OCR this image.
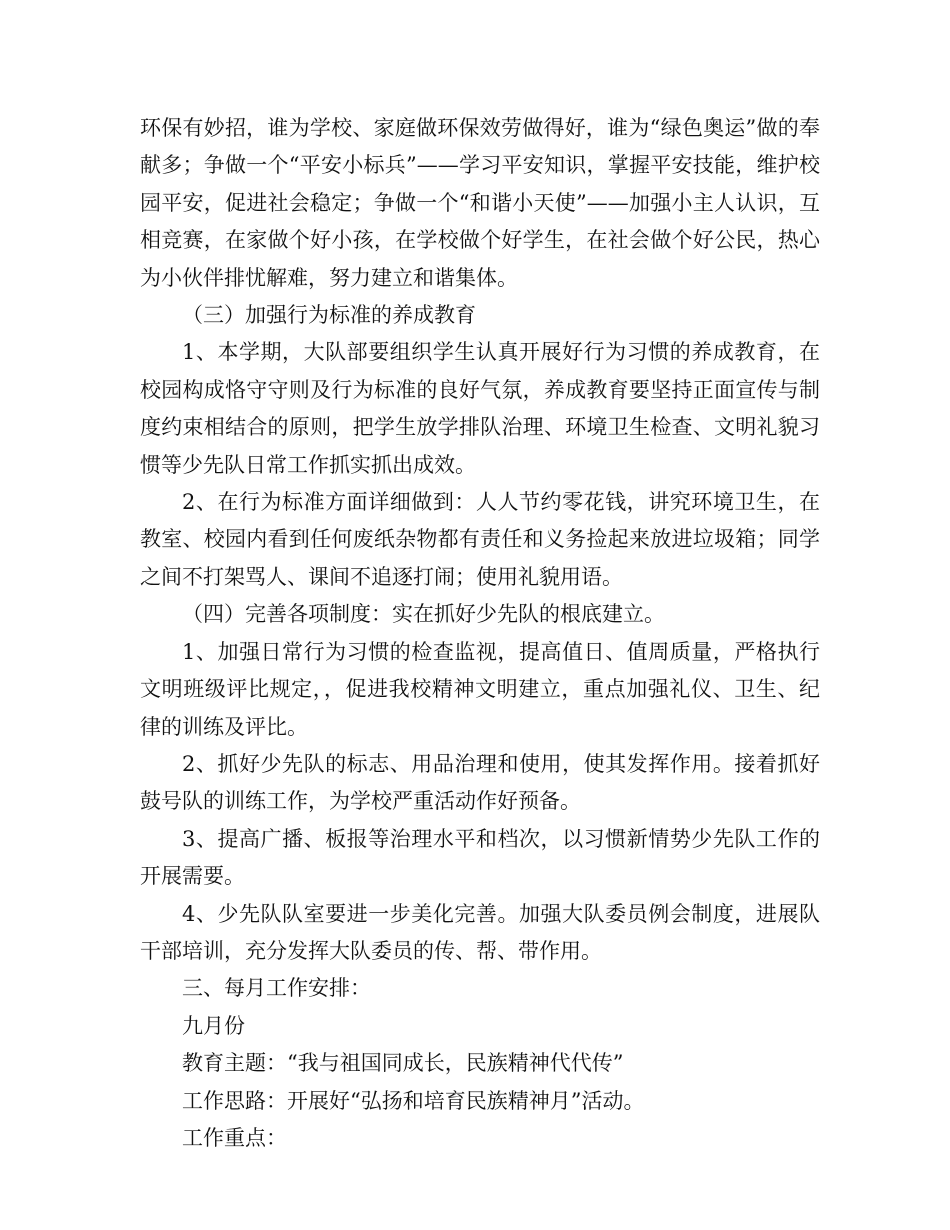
环保有妙招，谁为学校、家庭做环保效劳做得好，谁为“绿色奥运”做的奉献多；争做一个“平安小标兵”——学习平安知识，掌握平安技能，维护校园平安，促进社会稳定；争做一个“和谐小天使”——加强小主人认识，互相竞赛，在家做个好小孩，在学校做个好学生，在社会做个好公民，热心为小伙伴排忧解难，努力建立和谐集体。

（三）加强行为标准的养成教育

1、本学期，大队部要组织学生认真开展好行为习惯的养成教育，在校园构成恪守守则及行为标准的良好气氛，养成教育要坚持正面宣传与制度约束相结合的原则，把学生放学排队治理、环境卫生检查、文明礼貌习惯等少先队日常工作抓实抓出成效。

2、在行为标准方面详细做到：人人节约零花钱，讲究环境卫生，在教室、校园内看到任何废纸杂物都有责任和义务捡起来放进垃圾箱；同学之间不打架骂人、课间不追逐打闹；使用礼貌用语。

（四）完善各项制度：实在抓好少先队的根底建立。

1、加强日常行为习惯的检查监视，提高值日、值周质量，严格执行文明班级评比规定，，促进我校精神文明建立，重点加强礼仪、卫生、纪律的训练及评比。

2、抓好少先队的标志、用品治理和使用，使其发挥作用。接着抓好鼓号队的训练工作，为学校严重活动作好预备。

3、提高广播、板报等治理水平和档次，以习惯新情势少先队工作的开展需要。

4、少先队队室要进一步美化完善。加强大队委员例会制度，进展队干部培训，充分发挥大队委员的传、帮、带作用。

三、每月工作安排：

九月份

教育主题：“我与祖国同成长，民族精神代代传”

工作思路：开展好“弘扬和培育民族精神月”活动。

工作重点：
